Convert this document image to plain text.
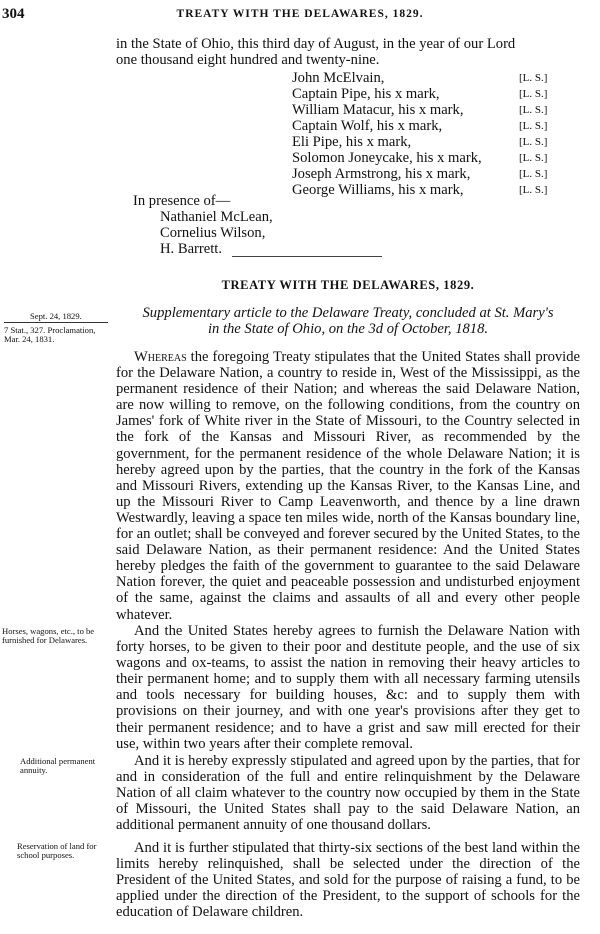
304	TREATY WITH THE DELAWARES, 1829.
in the State of Ohio, this third day of August, in the year of our Lord
one thousand eight hundred and twenty-nine.
John McElvain,	[L. S.]
Captain Pipe, his x mark,	[L. S.]
William Matacur, his x mark,	[L. S.]
Captain Wolf, his x mark,	[L. S.]
Eli Pipe, his x mark,	[L. S.]
Solomon Joneycake, his x mark,	[L. S.]
Joseph Armstrong, his x mark,	[L. S.]
George Williams, his x mark,	[L. S.]
In presence of—
Nathaniel McLean,
Cornelius Wilson,
H. Barrett.
TREATY WITH THE DELAWARES, 1829.
Supplementary article to the Delaware Treaty, concluded at St. Mary's
in the State of Ohio, on the 3d of October, 1818.
Sept. 24, 1829.
7 Stat., 327. Proclamation, Mar. 24, 1831.
Horses, wagons, etc., to be furnished for Delawares.
Additional permanent annuity.
Reservation of land for school purposes.
Whereas the foregoing Treaty stipulates that the United States shall provide for the Delaware Nation, a country to reside in, West of the Mississippi, as the permanent residence of their Nation; and whereas the said Delaware Nation, are now willing to remove, on the following conditions, from the country on James' fork of White river in the State of Missouri, to the Country selected in the fork of the Kansas and Missouri River, as recommended by the government, for the permanent residence of the whole Delaware Nation; it is hereby agreed upon by the parties, that the country in the fork of the Kansas and Missouri Rivers, extending up the Kansas River, to the Kansas Line, and up the Missouri River to Camp Leavenworth, and thence by a line drawn Westwardly, leaving a space ten miles wide, north of the Kansas boundary line, for an outlet; shall be conveyed and forever secured by the United States, to the said Delaware Nation, as their permanent residence: And the United States hereby pledges the faith of the government to guarantee to the said Delaware Nation forever, the quiet and peaceable possession and undisturbed enjoyment of the same, against the claims and assaults of all and every other people whatever.
And the United States hereby agrees to furnish the Delaware Nation with forty horses, to be given to their poor and destitute people, and the use of six wagons and ox-teams, to assist the nation in removing their heavy articles to their permanent home; and to supply them with all necessary farming utensils and tools necessary for building houses, &c: and to supply them with provisions on their journey, and with one year's provisions after they get to their permanent residence; and to have a grist and saw mill erected for their use, within two years after their complete removal.
And it is hereby expressly stipulated and agreed upon by the parties, that for and in consideration of the full and entire relinquishment by the Delaware Nation of all claim whatever to the country now occupied by them in the State of Missouri, the United States shall pay to the said Delaware Nation, an additional permanent annuity of one thousand dollars.
And it is further stipulated that thirty-six sections of the best land within the limits hereby relinquished, shall be selected under the direction of the President of the United States, and sold for the purpose of raising a fund, to be applied under the direction of the President, to the support of schools for the education of Delaware children.
